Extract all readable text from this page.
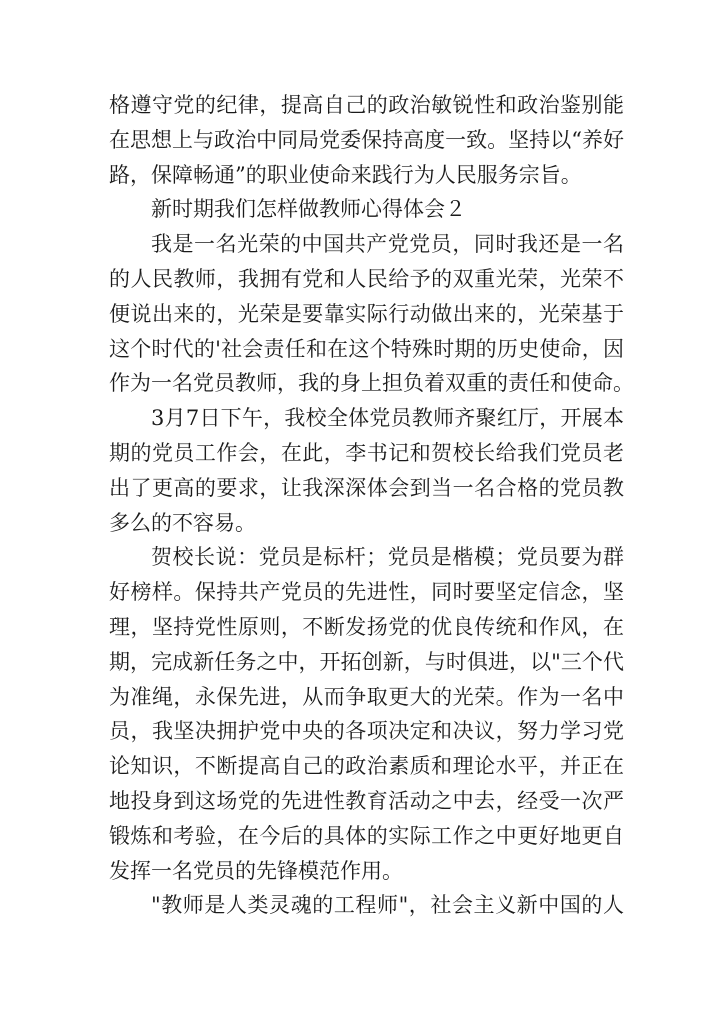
格遵守党的纪律，提高自己的政治敏锐性和政治鉴别能
在思想上与政治中同局党委保持高度一致。坚持以“养好
路，保障畅通”的职业使命来践行为人民服务宗旨。
新时期我们怎样做教师心得体会２
我是一名光荣的中国共产党党员，同时我还是一名
的人民教师，我拥有党和人民给予的双重光荣，光荣不
便说出来的，光荣是要靠实际行动做出来的，光荣基于
这个时代的'社会责任和在这个特殊时期的历史使命，因
作为一名党员教师，我的身上担负着双重的责任和使命。
3月7日下午，我校全体党员教师齐聚红厅，开展本
期的党员工作会，在此，李书记和贺校长给我们党员老
出了更高的要求，让我深深体会到当一名合格的党员教
多么的不容易。
贺校长说：党员是标杆；党员是楷模；党员要为群
好榜样。保持共产党员的先进性，同时要坚定信念，坚
理，坚持党性原则，不断发扬党的优良传统和作风，在
期，完成新任务之中，开拓创新，与时俱进，以"三个代
为准绳，永保先进，从而争取更大的光荣。作为一名中
员，我坚决拥护党中央的各项决定和决议，努力学习党
论知识，不断提高自己的政治素质和理论水平，并正在
地投身到这场党的先进性教育活动之中去，经受一次严
锻炼和考验，在今后的具体的实际工作之中更好地更自
发挥一名党员的先锋模范作用。
"教师是人类灵魂的工程师"，社会主义新中国的人
